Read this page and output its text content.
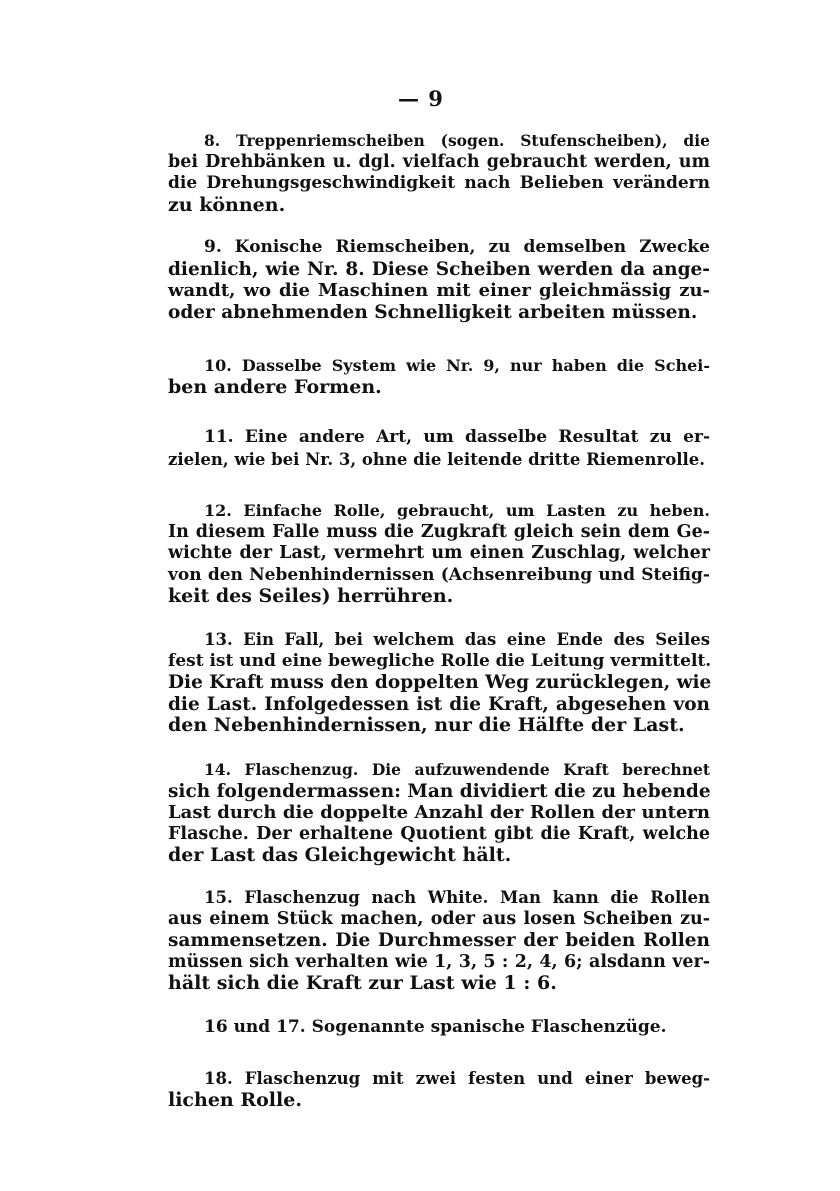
— 9
8. Treppenriemscheiben (sogen. Stufenscheiben), die
bei Drehbänken u. dgl. vielfach gebraucht werden, um
die Drehungsgeschwindigkeit nach Belieben verändern
zu können.
9. Konische Riemscheiben, zu demselben Zwecke
dienlich, wie Nr. 8. Diese Scheiben werden da ange-
wandt, wo die Maschinen mit einer gleichmässig zu-
oder abnehmenden Schnelligkeit arbeiten müssen.
10. Dasselbe System wie Nr. 9, nur haben die Schei-
ben andere Formen.
11. Eine andere Art, um dasselbe Resultat zu er-
zielen, wie bei Nr. 3, ohne die leitende dritte Riemenrolle.
12. Einfache Rolle, gebraucht, um Lasten zu heben.
In diesem Falle muss die Zugkraft gleich sein dem Ge-
wichte der Last, vermehrt um einen Zuschlag, welcher
von den Nebenhindernissen (Achsenreibung und Steifig-
keit des Seiles) herrühren.
13. Ein Fall, bei welchem das eine Ende des Seiles
fest ist und eine bewegliche Rolle die Leitung vermittelt.
Die Kraft muss den doppelten Weg zurücklegen, wie
die Last. Infolgedessen ist die Kraft, abgesehen von
den Nebenhindernissen, nur die Hälfte der Last.
14. Flaschenzug. Die aufzuwendende Kraft berechnet
sich folgendermassen: Man dividiert die zu hebende
Last durch die doppelte Anzahl der Rollen der untern
Flasche. Der erhaltene Quotient gibt die Kraft, welche
der Last das Gleichgewicht hält.
15. Flaschenzug nach White. Man kann die Rollen
aus einem Stück machen, oder aus losen Scheiben zu-
sammensetzen. Die Durchmesser der beiden Rollen
müssen sich verhalten wie 1, 3, 5 : 2, 4, 6; alsdann ver-
hält sich die Kraft zur Last wie 1 : 6.
16 und 17. Sogenannte spanische Flaschenzüge.
18. Flaschenzug mit zwei festen und einer beweg-
lichen Rolle.
